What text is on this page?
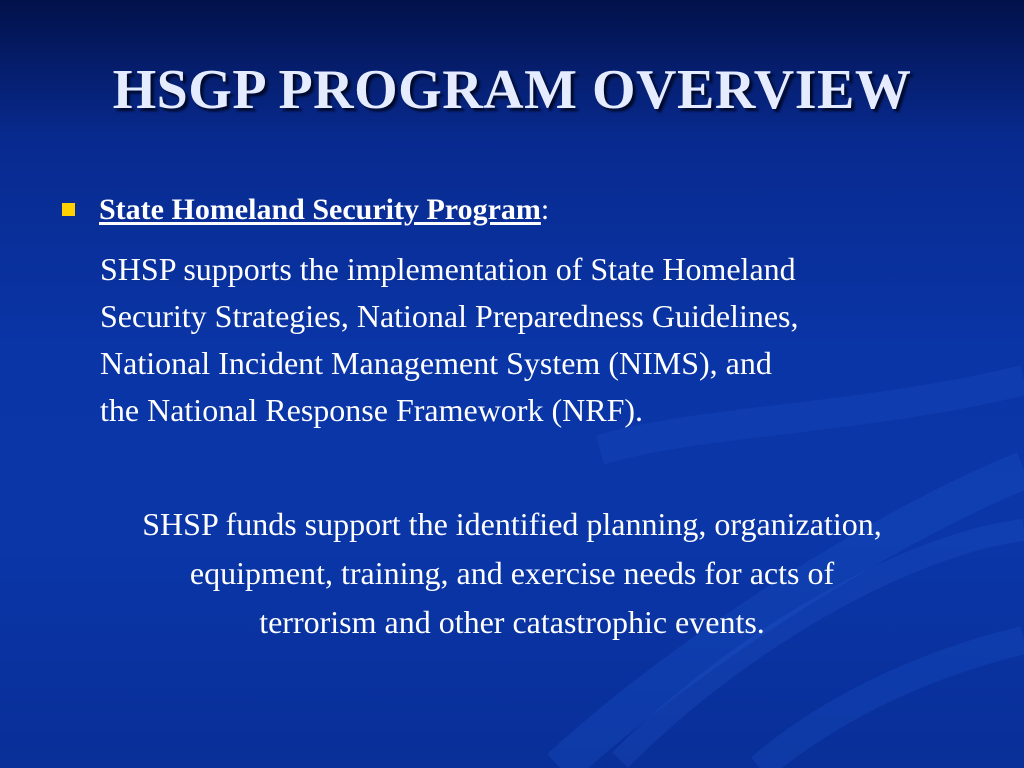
HSGP PROGRAM OVERVIEW
State Homeland Security Program:
SHSP supports the implementation of State Homeland
Security Strategies, National Preparedness Guidelines,
National Incident Management System (NIMS), and
the National Response Framework (NRF).
SHSP funds support the identified planning, organization,
equipment, training, and exercise needs for acts of
terrorism and other catastrophic events.
